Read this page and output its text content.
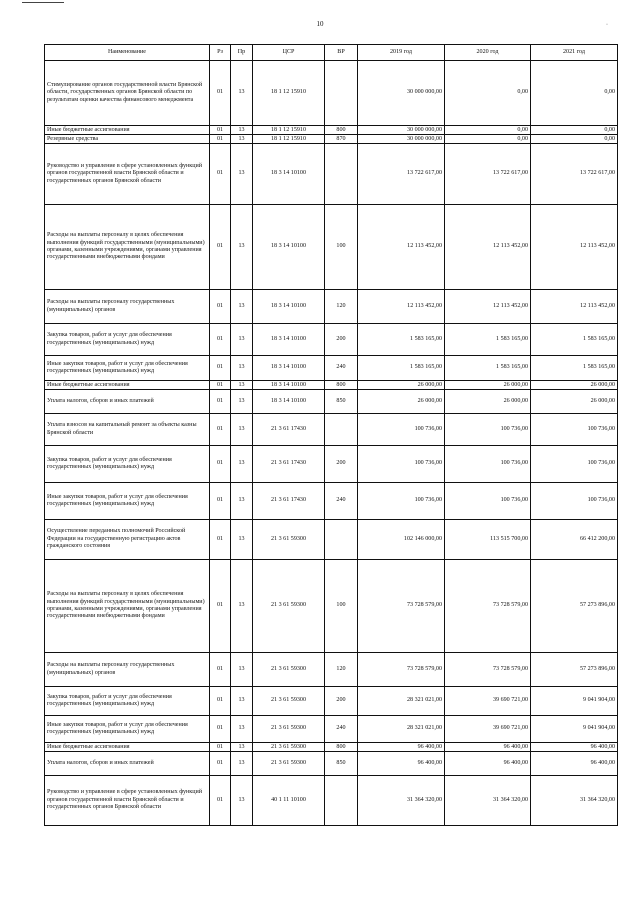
10	·
Наименование	Рз	Пр	ЦСР	ВР	2019 год	2020 год	2021 год
Стимулирование органов государственной власти Брянской области, государственных органов Брянской области по результатам оценки качества финансового менеджмента	01	13	18 1 12 15910		30 000 000,00	0,00	0,00
Иные бюджетные ассигнования	01	13	18 1 12 15910	800	30 000 000,00	0,00	0,00
Резервные средства	01	13	18 1 12 15910	870	30 000 000,00	0,00	0,00
Руководство и управление в сфере установленных функций органов государственной власти Брянской области и государственных органов Брянской области	01	13	18 3 14 10100		13 722 617,00	13 722 617,00	13 722 617,00
Расходы на выплаты персоналу в целях обеспечения выполнения функций государственными (муниципальными) органами, казенными учреждениями, органами управления государственными внебюджетными фондами	01	13	18 3 14 10100	100	12 113 452,00	12 113 452,00	12 113 452,00
Расходы на выплаты персоналу государственных (муниципальных) органов	01	13	18 3 14 10100	120	12 113 452,00	12 113 452,00	12 113 452,00
Закупка товаров, работ и услуг для обеспечения государственных (муниципальных) нужд	01	13	18 3 14 10100	200	1 583 165,00	1 583 165,00	1 583 165,00
Иные закупки товаров, работ и услуг для обеспечения государственных (муниципальных) нужд	01	13	18 3 14 10100	240	1 583 165,00	1 583 165,00	1 583 165,00
Иные бюджетные ассигнования	01	13	18 3 14 10100	800	26 000,00	26 000,00	26 000,00
Уплата налогов, сборов и иных платежей	01	13	18 3 14 10100	850	26 000,00	26 000,00	26 000,00
Уплата взносов на капитальный ремонт за объекты казны Брянской области	01	13	21 3 61 17430		100 736,00	100 736,00	100 736,00
Закупка товаров, работ и услуг для обеспечения государственных (муниципальных) нужд	01	13	21 3 61 17430	200	100 736,00	100 736,00	100 736,00
Иные закупки товаров, работ и услуг для обеспечения государственных (муниципальных) нужд	01	13	21 3 61 17430	240	100 736,00	100 736,00	100 736,00
Осуществление переданных полномочий Российской Федерации на государственную регистрацию актов гражданского состояния	01	13	21 3 61 59300		102 146 000,00	113 515 700,00	66 412 200,00
Расходы на выплаты персоналу в целях обеспечения выполнения функций государственными (муниципальными) органами, казенными учреждениями, органами управления государственными внебюджетными фондами	01	13	21 3 61 59300	100	73 728 579,00	73 728 579,00	57 273 896,00
Расходы на выплаты персоналу государственных (муниципальных) органов	01	13	21 3 61 59300	120	73 728 579,00	73 728 579,00	57 273 896,00
Закупка товаров, работ и услуг для обеспечения государственных (муниципальных) нужд	01	13	21 3 61 59300	200	28 321 021,00	39 690 721,00	9 041 904,00
Иные закупки товаров, работ и услуг для обеспечения государственных (муниципальных) нужд	01	13	21 3 61 59300	240	28 321 021,00	39 690 721,00	9 041 904,00
Иные бюджетные ассигнования	01	13	21 3 61 59300	800	96 400,00	96 400,00	96 400,00
Уплата налогов, сборов и иных платежей	01	13	21 3 61 59300	850	96 400,00	96 400,00	96 400,00
Руководство и управление в сфере установленных функций органов государственной власти Брянской области и государственных органов Брянской области	01	13	40 1 11 10100		31 364 320,00	31 364 320,00	31 364 320,00
